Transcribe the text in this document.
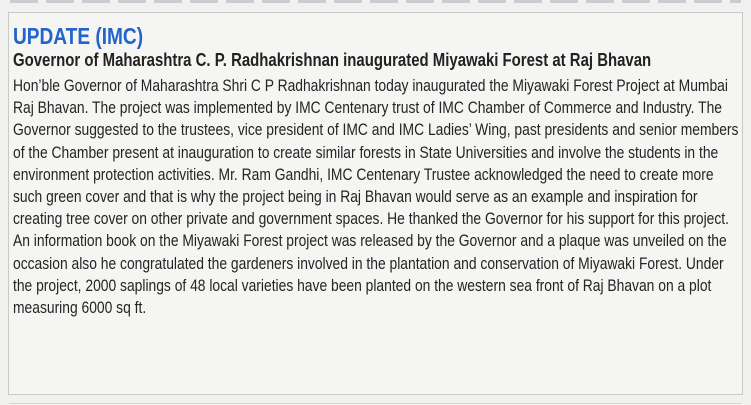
UPDATE (IMC)
Governor of Maharashtra C. P. Radhakrishnan inaugurated Miyawaki Forest at Raj Bhavan

Hon’ble Governor of Maharashtra Shri C P Radhakrishnan today inaugurated the Miyawaki Forest Project at Mumbai Raj Bhavan. The project was implemented by IMC Centenary trust of IMC Chamber of Commerce and Industry. The Governor suggested to the trustees, vice president of IMC and IMC Ladies’ Wing, past presidents and senior members of the Chamber present at inauguration to create similar forests in State Universities and involve the students in the environment protection activities. Mr. Ram Gandhi, IMC Centenary Trustee acknowledged the need to create more such green cover and that is why the project being in Raj Bhavan would serve as an example and inspiration for creating tree cover on other private and government spaces. He thanked the Governor for his support for this project. An information book on the Miyawaki Forest project was released by the Governor and a plaque was unveiled on the occasion also he congratulated the gardeners involved in the plantation and conservation of Miyawaki Forest. Under the project, 2000 saplings of 48 local varieties have been planted on the western sea front of Raj Bhavan on a plot measuring 6000 sq ft.
